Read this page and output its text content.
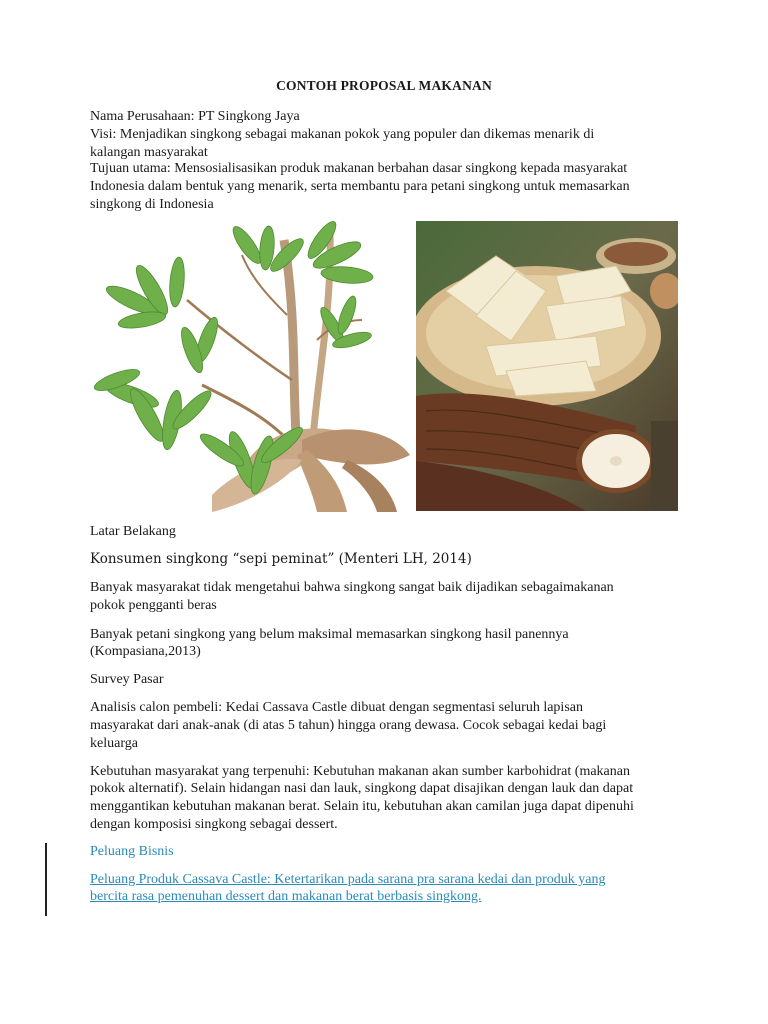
CONTOH PROPOSAL MAKANAN

Nama Perusahaan: PT Singkong Jaya

Visi: Menjadikan singkong sebagai makanan pokok yang populer dan dikemas menarik di

kalangan masyarakat

Tujuan utama: Mensosialisasikan produk makanan berbahan dasar singkong kepada masyarakat

Indonesia dalam bentuk yang menarik, serta membantu para petani singkong untuk memasarkan

singkong di Indonesia

Latar Belakang

Konsumen singkong “sepi peminat” (Menteri LH, 2014)

Banyak masyarakat tidak mengetahui bahwa singkong sangat baik dijadikan sebagaimakanan

pokok pengganti beras

Banyak petani singkong yang belum maksimal memasarkan singkong hasil panennya

(Kompasiana,2013)

Survey Pasar

Analisis calon pembeli: Kedai Cassava Castle dibuat dengan segmentasi seluruh lapisan

masyarakat dari anak-anak (di atas 5 tahun) hingga orang dewasa. Cocok sebagai kedai bagi

keluarga

Kebutuhan masyarakat yang terpenuhi: Kebutuhan makanan akan sumber karbohidrat (makanan

pokok alternatif). Selain hidangan nasi dan lauk, singkong dapat disajikan dengan lauk dan dapat

menggantikan kebutuhan makanan berat. Selain itu, kebutuhan akan camilan juga dapat dipenuhi

dengan komposisi singkong sebagai dessert.

Peluang Bisnis

Peluang Produk Cassava Castle: Ketertarikan pada sarana pra sarana kedai dan produk yang

bercita rasa pemenuhan dessert dan makanan berat berbasis singkong.
